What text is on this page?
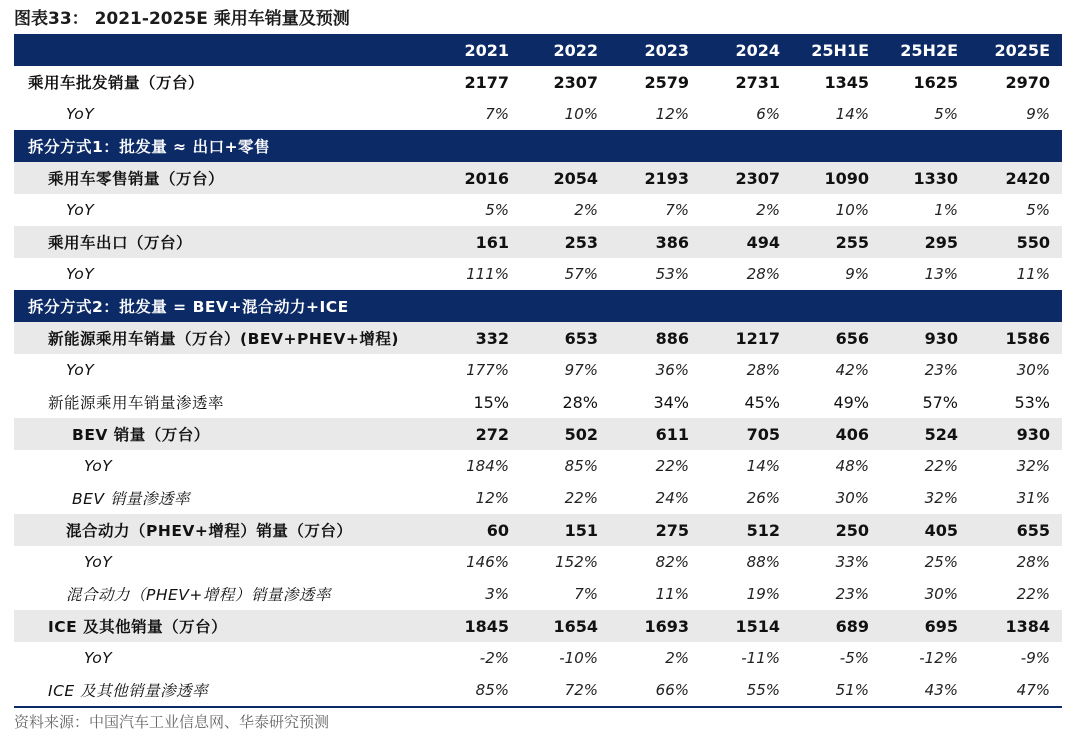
图表33： 2021-2025E 乘用车销量及预测
2021	2022	2023	2024	25H1E	25H2E	2025E
乘用车批发销量（万台）	2177	2307	2579	2731	1345	1625	2970
YoY	7%	10%	12%	6%	14%	5%	9%
拆分方式1：批发量 ≈ 出口+零售
乘用车零售销量（万台）	2016	2054	2193	2307	1090	1330	2420
YoY	5%	2%	7%	2%	10%	1%	5%
乘用车出口（万台）	161	253	386	494	255	295	550
YoY	111%	57%	53%	28%	9%	13%	11%
拆分方式2：批发量 = BEV+混合动力+ICE
新能源乘用车销量（万台）(BEV+PHEV+增程)	332	653	886	1217	656	930	1586
YoY	177%	97%	36%	28%	42%	23%	30%
新能源乘用车销量渗透率	15%	28%	34%	45%	49%	57%	53%
BEV 销量（万台）	272	502	611	705	406	524	930
YoY	184%	85%	22%	14%	48%	22%	32%
BEV 销量渗透率	12%	22%	24%	26%	30%	32%	31%
混合动力（PHEV+增程）销量（万台）	60	151	275	512	250	405	655
YoY	146%	152%	82%	88%	33%	25%	28%
混合动力（PHEV+增程）销量渗透率	3%	7%	11%	19%	23%	30%	22%
ICE 及其他销量（万台）	1845	1654	1693	1514	689	695	1384
YoY	-2%	-10%	2%	-11%	-5%	-12%	-9%
ICE 及其他销量渗透率	85%	72%	66%	55%	51%	43%	47%
资料来源：中国汽车工业信息网、华泰研究预测
